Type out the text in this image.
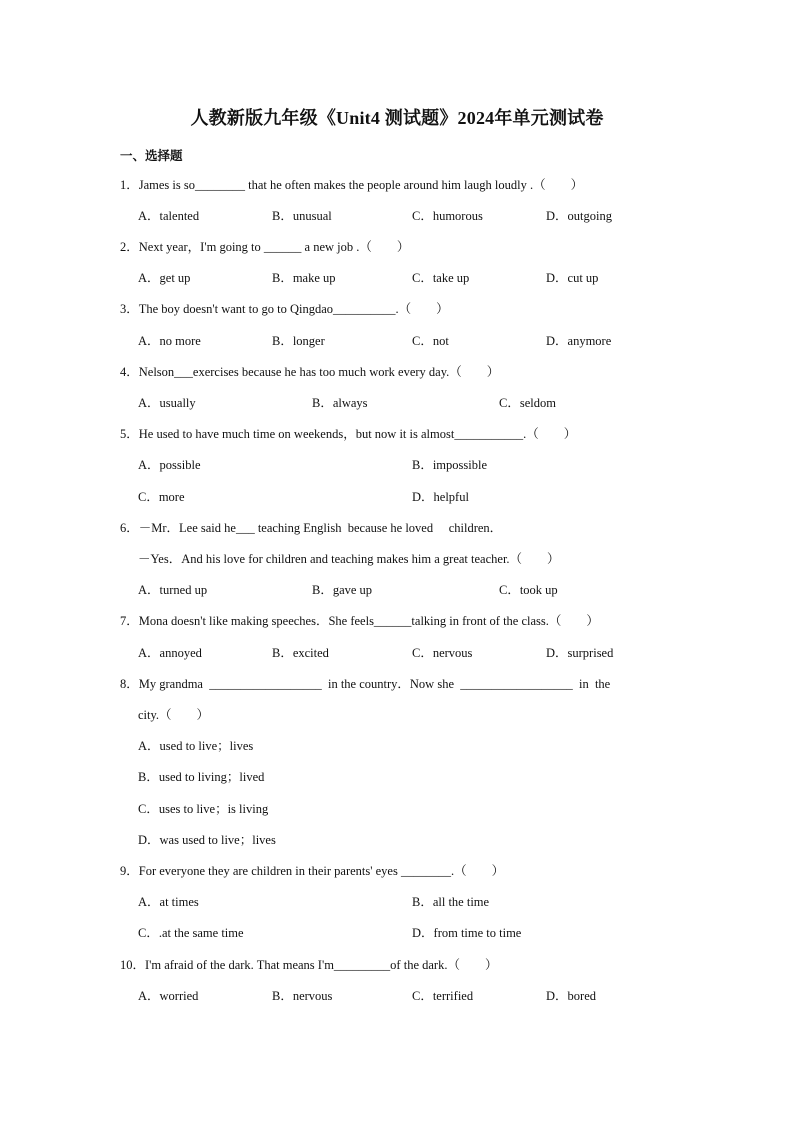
人教新版九年级《Unit4 测试题》2024年单元测试卷
一、选择题
1．James is so________ that he often makes the people around him laugh loudly .（　　）
A．talented	B．unusual	C．humorous	D．outgoing
2．Next year，I'm going to ______ a new job .（　　）
A．get up	B．make up	C．take up	D．cut up
3．The boy doesn't want to go to Qingdao__________.（　　）
A．no more	B．longer	C．not	D．anymore
4．Nelson___exercises because he has too much work every day.（　　）
A．usually	B．always	C．seldom
5．He used to have much time on weekends，but now it is almost___________.（　　）
A．possible	B．impossible
C．more	D．helpful
6．－Mr．Lee said he___ teaching English  because he loved     children．
－Yes．And his love for children and teaching makes him a great teacher.（　　）
A．turned up	B．gave up	C．took up
7．Mona doesn't like making speeches．She feels______talking in front of the class.（　　）
A．annoyed	B．excited	C．nervous	D．surprised
8．My grandma  __________________  in the country．Now she  __________________  in  the
city.（　　）
A．used to live；lives
B．used to living；lived
C．uses to live；is living
D．was used to live；lives
9．For everyone they are children in their parents' eyes ________.（　　）
A．at times	B．all the time
C．.at the same time	D．from time to time
10．I'm afraid of the dark. That means I'm_________of the dark.（　　）
A．worried	B．nervous	C．terrified	D．bored
